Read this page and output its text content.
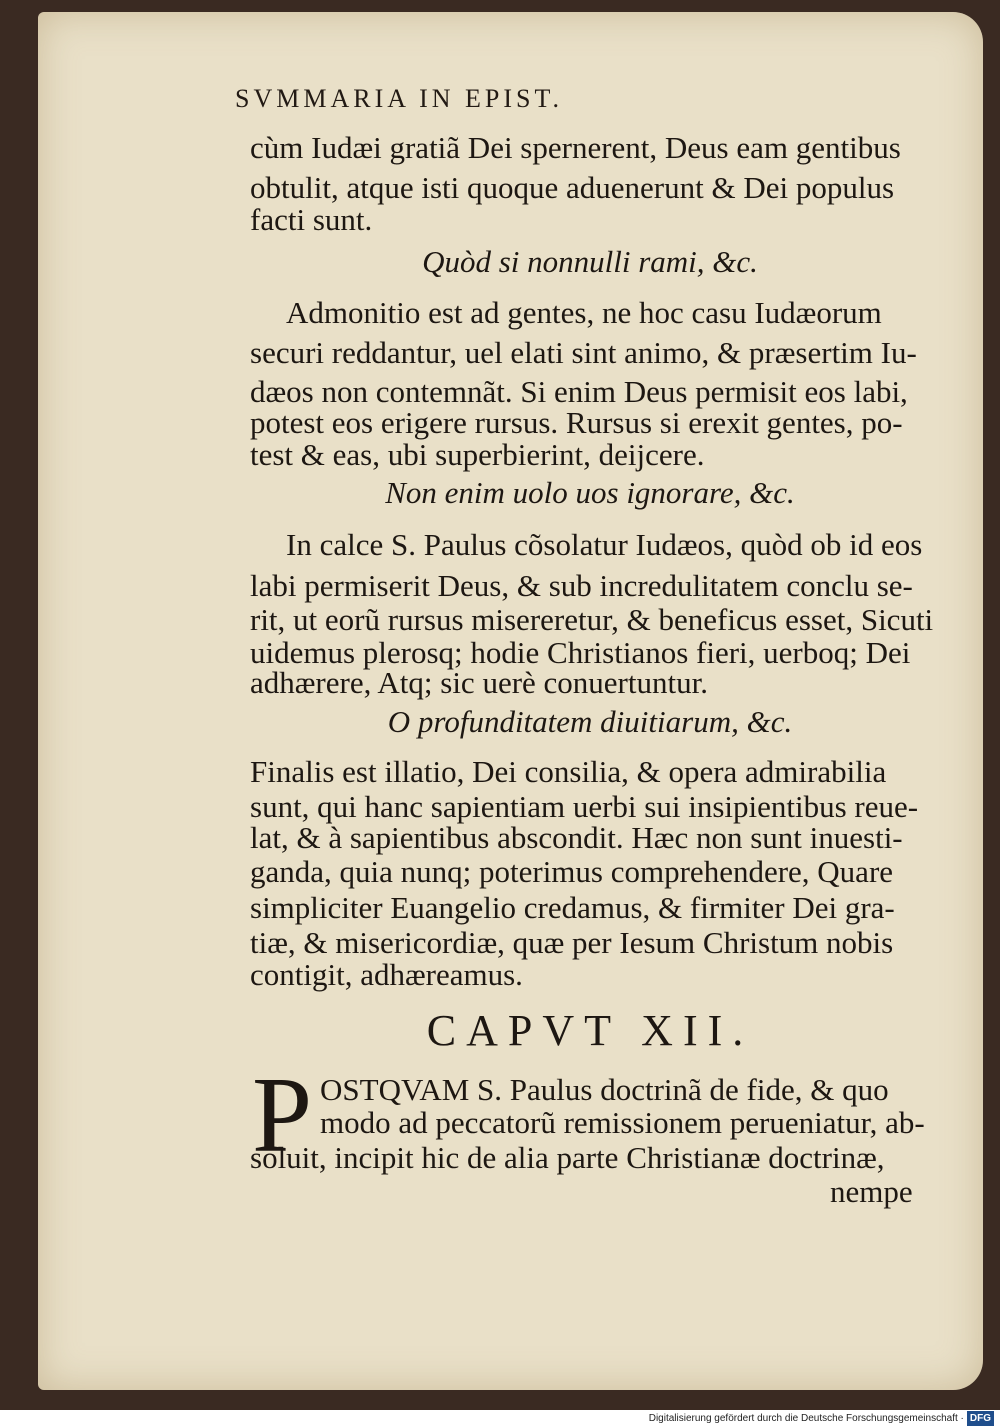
SVMMARIA IN EPIST.
cùm Iudæi gratiã Dei spernerent, Deus eam gentibus
obtulit, atque isti quoque aduenerunt & Dei populus
facti sunt.
Quòd si nonnulli rami, &c.
Admonitio est ad gentes, ne hoc casu Iudæorum
securi reddantur, uel elati sint animo, & præsertim Iu-
dæos non contemnãt. Si enim Deus permisit eos labi,
potest eos erigere rursus. Rursus si erexit gentes, po-
test & eas, ubi superbierint, deijcere.
Non enim uolo uos ignorare, &c.
In calce S. Paulus cõsolatur Iudæos, quòd ob id eos
labi permiserit Deus, & sub incredulitatem conclu se-
rit, ut eorũ rursus misereretur, & beneficus esset, Sicuti
uidemus plerosq; hodie Christianos fieri, uerboq; Dei
adhærere, Atq; sic uerè conuertuntur.
O profunditatem diuitiarum, &c.
Finalis est illatio, Dei consilia, & opera admirabilia
sunt, qui hanc sapientiam uerbi sui insipientibus reue-
lat, & à sapientibus abscondit. Hæc non sunt inuesti-
ganda, quia nunq; poterimus comprehendere, Quare
simpliciter Euangelio credamus, & firmiter Dei gra-
tiæ, & misericordiæ, quæ per Iesum Christum nobis
contigit, adhæreamus.
CAPVT XII.
P OSTQVAM S. Paulus doctrinã de fide, & quo
modo ad peccatorũ remissionem perueniatur, ab-
soluit, incipit hic de alia parte Christianæ doctrinæ,
nempe
Digitalisierung gefördert durch die Deutsche Forschungsgemeinschaft · DFG
